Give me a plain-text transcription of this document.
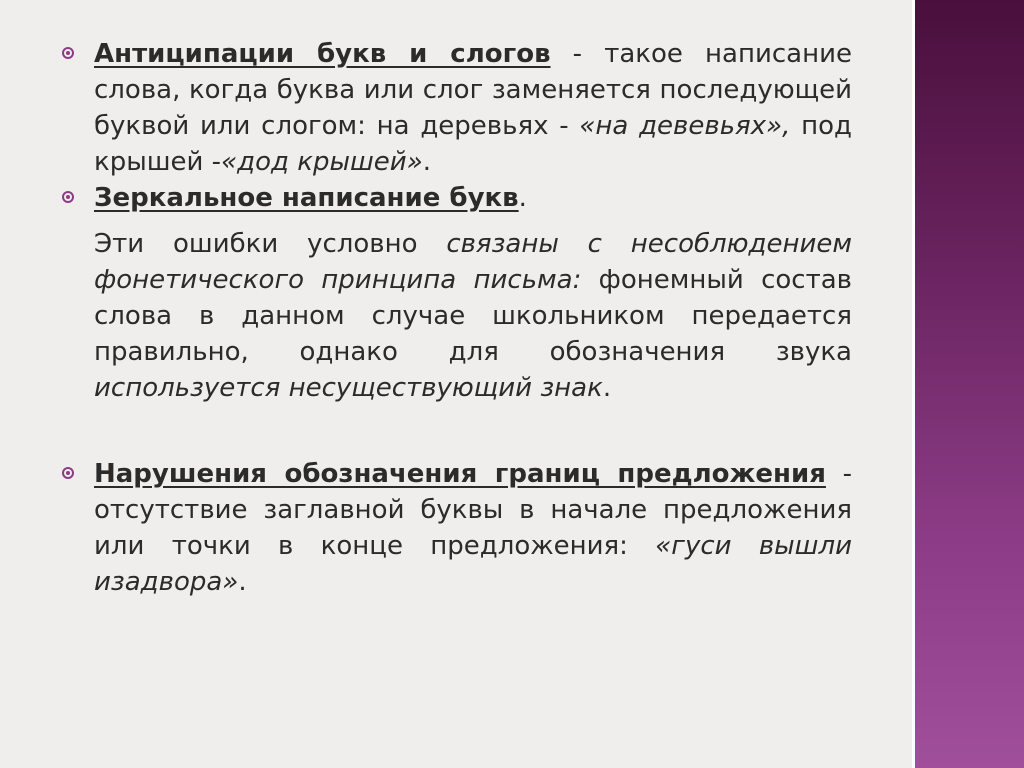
Антиципации букв и слогов - такое написание слова, когда буква или слог заменяется последующей буквой или слогом: на деревьях - «на девевьях», под крышей -«дод крышей».
Зеркальное написание букв.
Эти ошибки условно связаны с несоблюдением фонетического принципа письма: фонемный состав слова в данном случае школьником передается правильно, однако для обозначения звука используется несуществующий знак.
Нарушения обозначения границ предложения - отсутствие заглавной буквы в начале предложения или точки в конце предложения: «гуси вышли изадвора».
